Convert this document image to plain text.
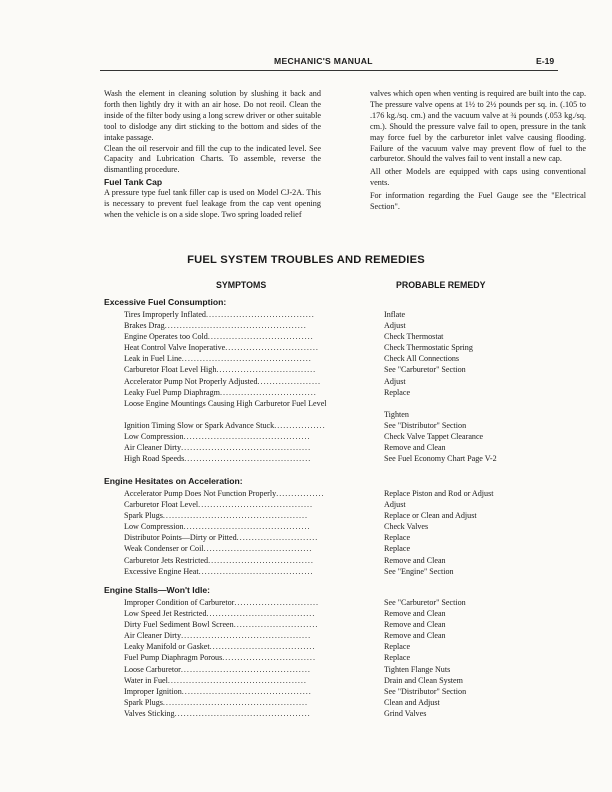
MECHANIC'S MANUAL	E-19

Wash the element in cleaning solution by slushing it back and forth then lightly dry it with an air hose. Do not reoil. Clean the inside of the filter body using a long screw driver or other suitable tool to dislodge any dirt sticking to the bottom and sides of the intake passage.

Clean the oil reservoir and fill the cup to the indicated level. See Capacity and Lubrication Charts. To assemble, reverse the dismantling procedure.

Fuel Tank Cap

A pressure type fuel tank filler cap is used on Model CJ-2A. This is necessary to prevent fuel leakage from the cap vent opening when the vehicle is on a side slope. Two spring loaded relief

valves which open when venting is required are built into the cap. The pressure valve opens at 1½ to 2½ pounds per sq. in. (.105 to .176 kg./sq. cm.) and the vacuum valve at ¾ pounds (.053 kg./sq. cm.). Should the pressure valve fail to open, pressure in the tank may force fuel by the carburetor inlet valve causing flooding. Failure of the vacuum valve may prevent flow of fuel to the carburetor. Should the valves fail to vent install a new cap.

All other Models are equipped with caps using conventional vents.

For information regarding the Fuel Gauge see the "Electrical Section".

FUEL SYSTEM TROUBLES AND REMEDIES
SYMPTOMS	PROBABLE REMEDY
Excessive Fuel Consumption:
Tires Improperly Inflated....................................	Inflate
Brakes Drag...............................................	Adjust
Engine Operates too Cold...................................	Check Thermostat
Heat Control Valve Inoperative...............................	Check Thermostatic Spring
Leak in Fuel Line...........................................	Check All Connections
Carburetor Float Level High.................................	See "Carburetor" Section
Accelerator Pump Not Properly Adjusted.....................	Adjust
Leaky Fuel Pump Diaphragm................................	Replace
Loose Engine Mountings Causing High Carburetor Fuel Level
Tighten
Ignition Timing Slow or Spark Advance Stuck.................	See "Distributor" Section
Low Compression..........................................	Check Valve Tappet Clearance
Air Cleaner Dirty...........................................	Remove and Clean
High Road Speeds..........................................	See Fuel Economy Chart Page V-2
Engine Hesitates on Acceleration:
Accelerator Pump Does Not Function Properly................	Replace Piston and Rod or Adjust
Carburetor Float Level......................................	Adjust
Spark Plugs................................................	Replace or Clean and Adjust
Low Compression..........................................	Check Valves
Distributor Points—Dirty or Pitted...........................	Replace
Weak Condenser or Coil....................................	Replace
Carburetor Jets Restricted...................................	Remove and Clean
Excessive Engine Heat......................................	See "Engine" Section
Engine Stalls—Won't Idle:
Improper Condition of Carburetor............................	See "Carburetor" Section
Low Speed Jet Restricted....................................	Remove and Clean
Dirty Fuel Sediment Bowl Screen............................	Remove and Clean
Air Cleaner Dirty...........................................	Remove and Clean
Leaky Manifold or Gasket...................................	Replace
Fuel Pump Diaphragm Porous...............................	Replace
Loose Carburetor...........................................	Tighten Flange Nuts
Water in Fuel..............................................	Drain and Clean System
Improper Ignition...........................................	See "Distributor" Section
Spark Plugs................................................	Clean and Adjust
Valves Sticking.............................................	Grind Valves
